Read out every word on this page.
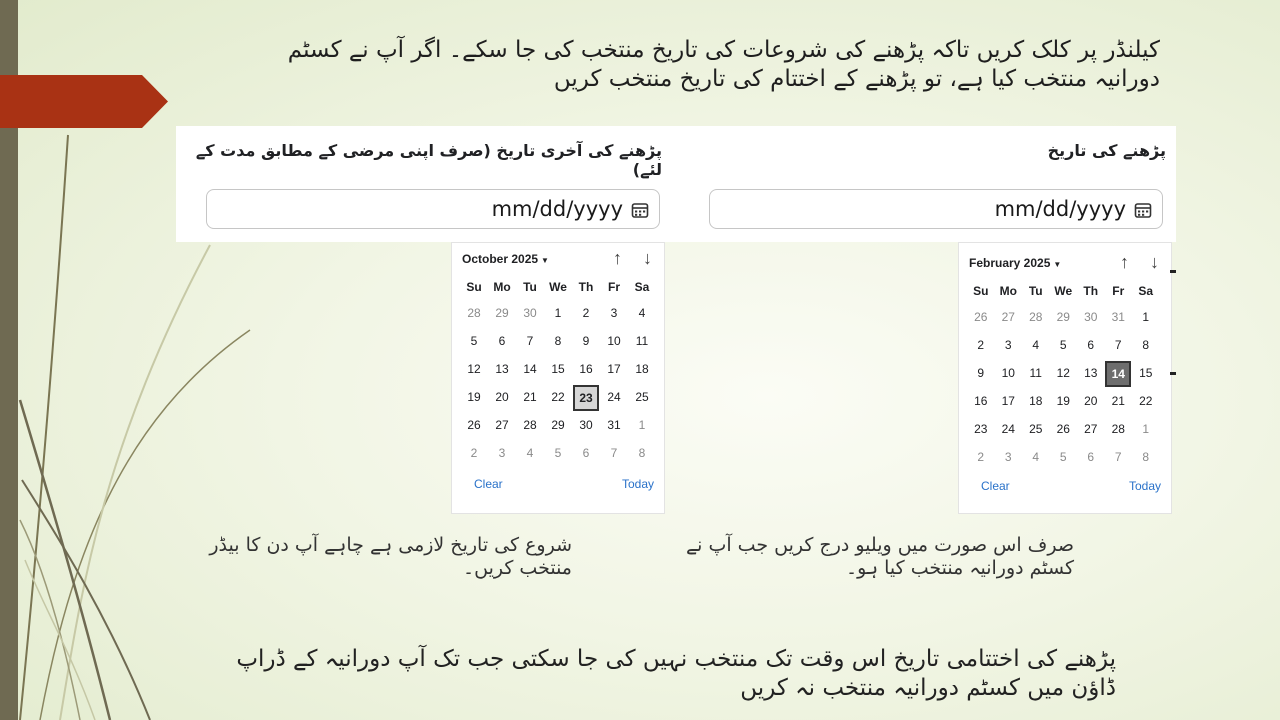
کیلنڈر پر کلک کریں تاکہ پڑھنے کی شروعات کی تاریخ منتخب کی جا سکے۔ اگر آپ نے کسٹم دورانیہ منتخب کیا ہے، تو پڑھنے کے اختتام کی تاریخ منتخب کریں
پڑھنے کی تاریخ
پڑھنے کی آخری تاریخ (صرف اپنی مرضی کے مطابق مدت کے لئے)
mm/dd/yyyy
mm/dd/yyyy
October 2025 ▼	↑ ↓
Su Mo	Tu	We Th	Fr	Sa
28	29	30	1	2	3	4
5	6	7	8	9	10	11
12	13	14	15	16	17	18
19	20	21	22	23	24	25
26	27	28	29	30	31	1
2	3	4	5	6	7	8
Clear	Today
February 2025 ▼	↑ ↓
Su Mo Tu We Th	Fr	Sa
26	27	28	29	30	31	1
2	3	4	5	6	7	8
9	10	11	12	13	14	15
16	17	18	19	20	21	22
23	24	25	26	27	28	1
2	3	4	5	6	7	8
Clear	Today
شروع کی تاریخ لازمی ہے چاہے آپ دن کا بیڈر منتخب کریں۔
صرف اس صورت میں ویلیو درج کریں جب آپ نے کسٹم دورانیہ منتخب کیا ہو۔
پڑھنے کی اختتامی تاریخ اس وقت تک منتخب نہیں کی جا سکتی جب تک آپ دورانیہ کے ڈراپ ڈاؤن میں کسٹم دورانیہ منتخب نہ کریں
